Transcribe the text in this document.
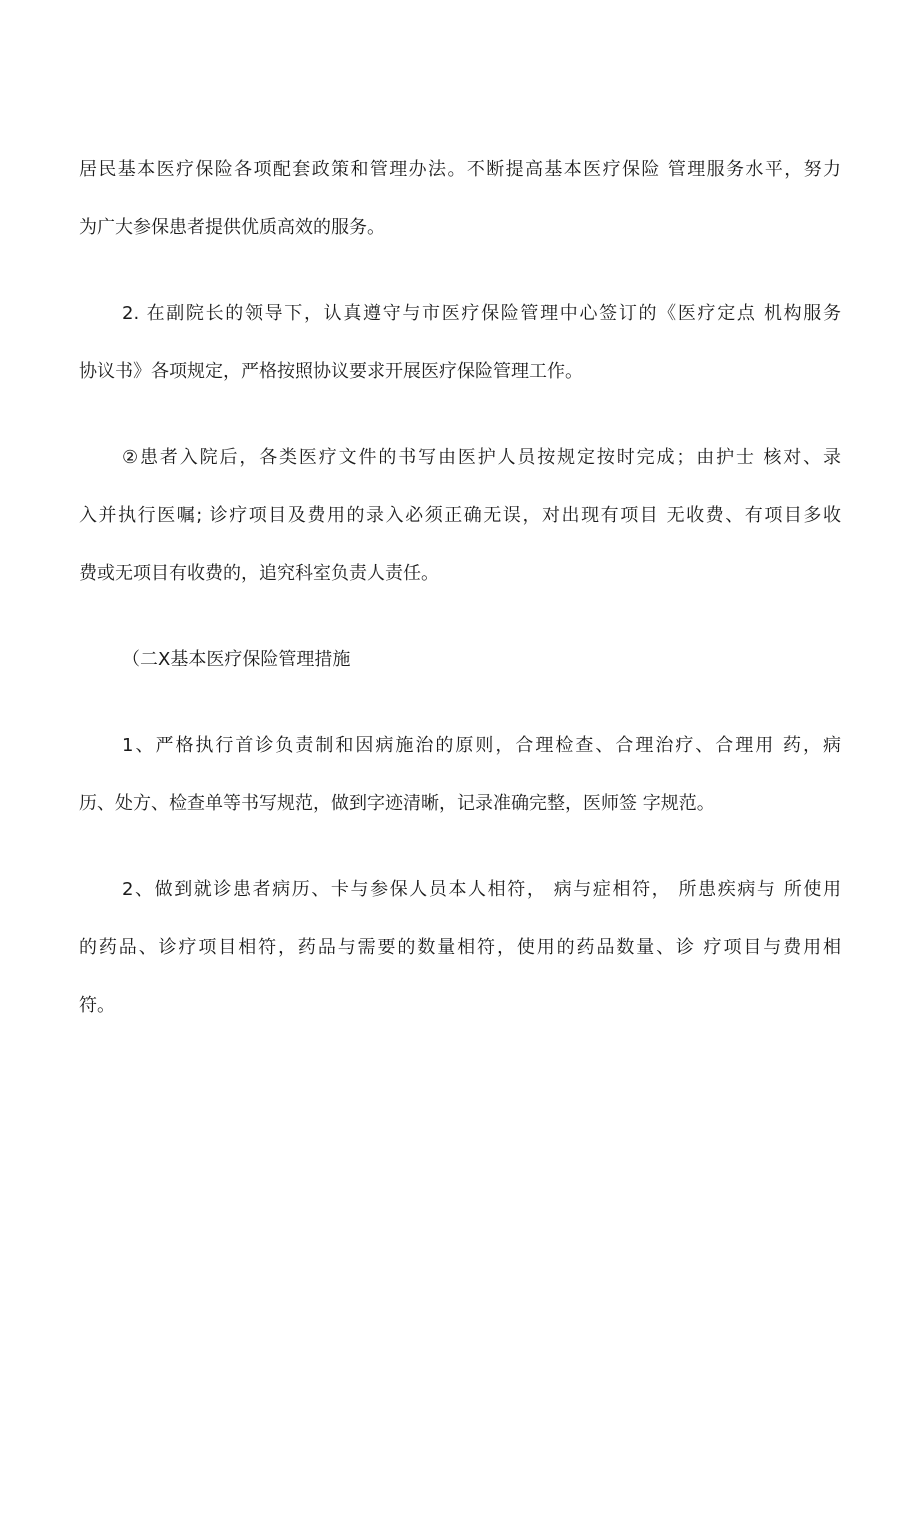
居民基本医疗保险各项配套政策和管理办法。不断提高基本医疗保险 管理服务水平，努力

为广大参保患者提供优质高效的服务。

2. 在副院长的领导下，认真遵守与市医疗保险管理中心签订的《医疗定点 机构服务

协议书》各项规定，严格按照协议要求开展医疗保险管理工作。

②患者入院后，各类医疗文件的书写由医护人员按规定按时完成；由护士 核对、录

入并执行医嘱; 诊疗项目及费用的录入必须正确无误，对出现有项目 无收费、有项目多收

费或无项目有收费的，追究科室负责人责任。

（二X基本医疗保险管理措施

1、严格执行首诊负责制和因病施治的原则，合理检查、合理治疗、合理用 药，病

历、处方、检查单等书写规范，做到字迹清晰，记录准确完整，医师签 字规范。

2、做到就诊患者病历、卡与参保人员本人相符， 病与症相符， 所患疾病与 所使用

的药品、诊疗项目相符，药品与需要的数量相符，使用的药品数量、诊 疗项目与费用相

符。
